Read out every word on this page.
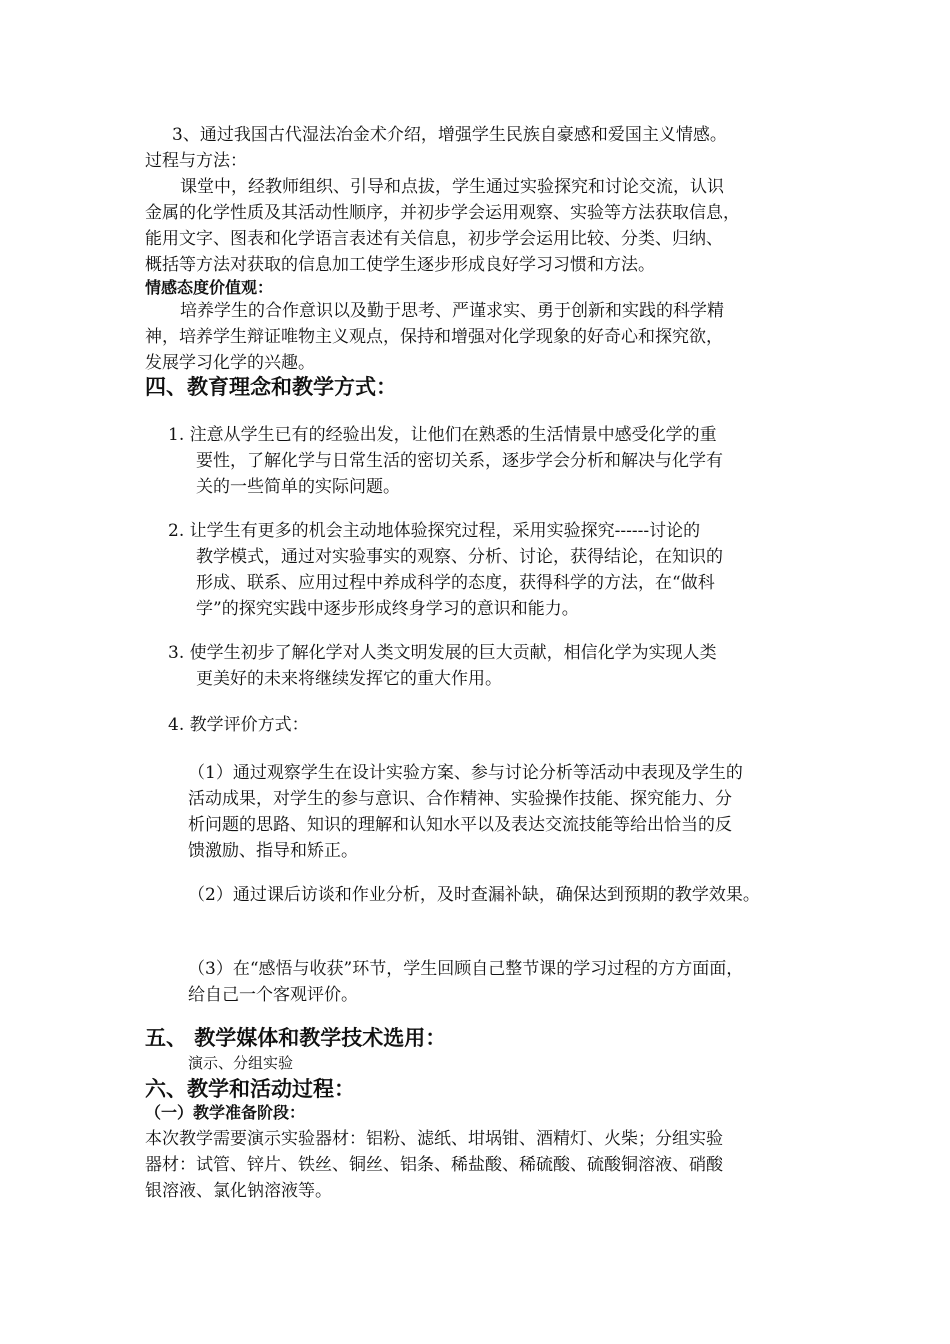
3、通过我国古代湿法冶金术介绍，增强学生民族自豪感和爱国主义情感。
过程与方法：
课堂中，经教师组织、引导和点拔，学生通过实验探究和讨论交流，认识
金属的化学性质及其活动性顺序，并初步学会运用观察、实验等方法获取信息，
能用文字、图表和化学语言表述有关信息，初步学会运用比较、分类、归纳、
概括等方法对获取的信息加工使学生逐步形成良好学习习惯和方法。
情感态度价值观：
培养学生的合作意识以及勤于思考、严谨求实、勇于创新和实践的科学精
神，培养学生辩证唯物主义观点，保持和增强对化学现象的好奇心和探究欲，
发展学习化学的兴趣。
四、教育理念和教学方式：
1. 注意从学生已有的经验出发，让他们在熟悉的生活情景中感受化学的重
要性，了解化学与日常生活的密切关系，逐步学会分析和解决与化学有
关的一些简单的实际问题。
2. 让学生有更多的机会主动地体验探究过程，采用实验探究------讨论的
教学模式，通过对实验事实的观察、分析、讨论，获得结论，在知识的
形成、联系、应用过程中养成科学的态度，获得科学的方法，在“做科
学”的探究实践中逐步形成终身学习的意识和能力。
3. 使学生初步了解化学对人类文明发展的巨大贡献，相信化学为实现人类
更美好的未来将继续发挥它的重大作用。
4. 教学评价方式：
（1）通过观察学生在设计实验方案、参与讨论分析等活动中表现及学生的
活动成果，对学生的参与意识、合作精神、实验操作技能、探究能力、分
析问题的思路、知识的理解和认知水平以及表达交流技能等给出恰当的反
馈激励、指导和矫正。
（2）通过课后访谈和作业分析，及时查漏补缺，确保达到预期的教学效果。
（3）在“感悟与收获”环节，学生回顾自己整节课的学习过程的方方面面，
给自己一个客观评价。
五、 教学媒体和教学技术选用：
演示、分组实验
六、教学和活动过程：
（一）教学准备阶段：
本次教学需要演示实验器材：铝粉、滤纸、坩埚钳、酒精灯、火柴；分组实验
器材：试管、锌片、铁丝、铜丝、铝条、稀盐酸、稀硫酸、硫酸铜溶液、硝酸
银溶液、氯化钠溶液等。
